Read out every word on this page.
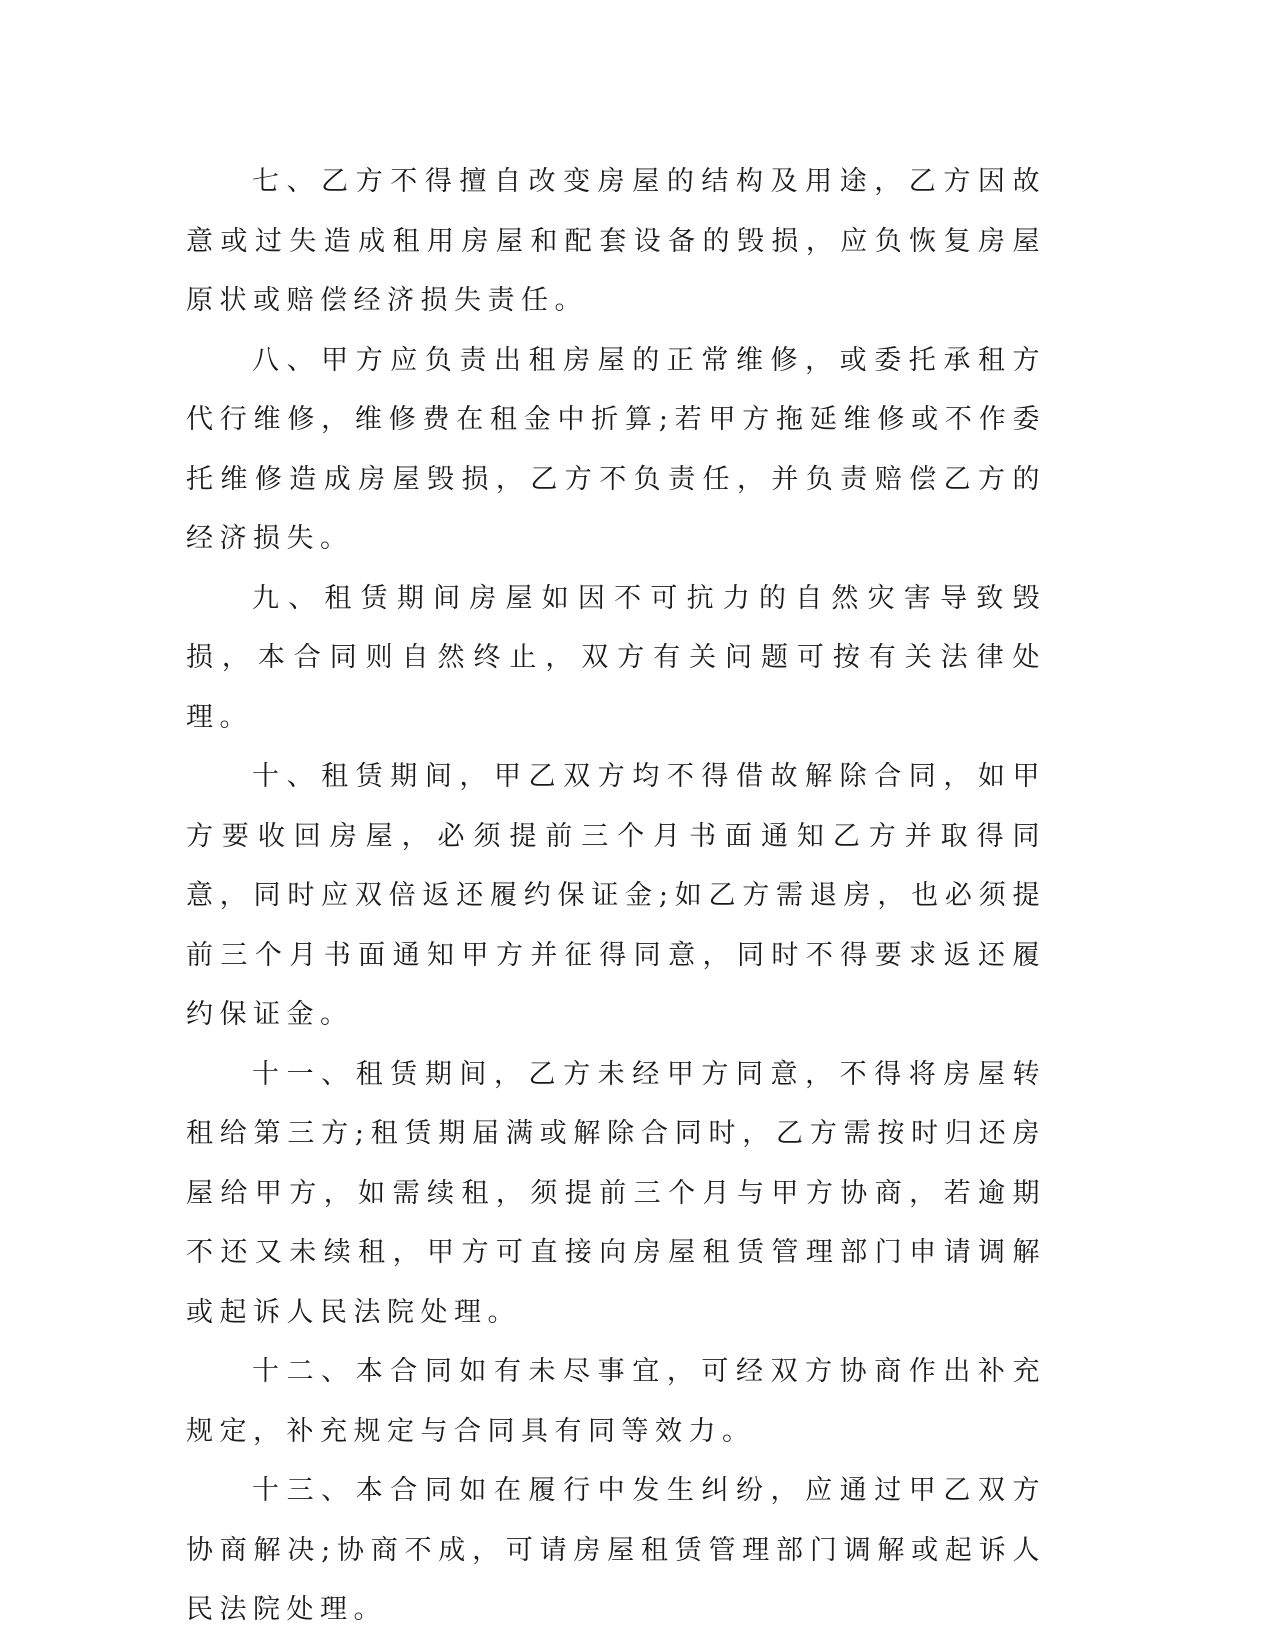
七、乙方不得擅自改变房屋的结构及用途，乙方因故意或过失造成租用房屋和配套设备的毁损，应负恢复房屋原状或赔偿经济损失责任。

八、甲方应负责出租房屋的正常维修，或委托承租方代行维修，维修费在租金中折算;若甲方拖延维修或不作委托维修造成房屋毁损，乙方不负责任，并负责赔偿乙方的经济损失。

九、租赁期间房屋如因不可抗力的自然灾害导致毁损，本合同则自然终止，双方有关问题可按有关法律处理。

十、租赁期间，甲乙双方均不得借故解除合同，如甲方要收回房屋，必须提前三个月书面通知乙方并取得同意，同时应双倍返还履约保证金;如乙方需退房，也必须提前三个月书面通知甲方并征得同意，同时不得要求返还履约保证金。

十一、租赁期间，乙方未经甲方同意，不得将房屋转租给第三方;租赁期届满或解除合同时，乙方需按时归还房屋给甲方，如需续租，须提前三个月与甲方协商，若逾期不还又未续租，甲方可直接向房屋租赁管理部门申请调解或起诉人民法院处理。

十二、本合同如有未尽事宜，可经双方协商作出补充规定，补充规定与合同具有同等效力。

十三、本合同如在履行中发生纠纷，应通过甲乙双方协商解决;协商不成，可请房屋租赁管理部门调解或起诉人民法院处理。
